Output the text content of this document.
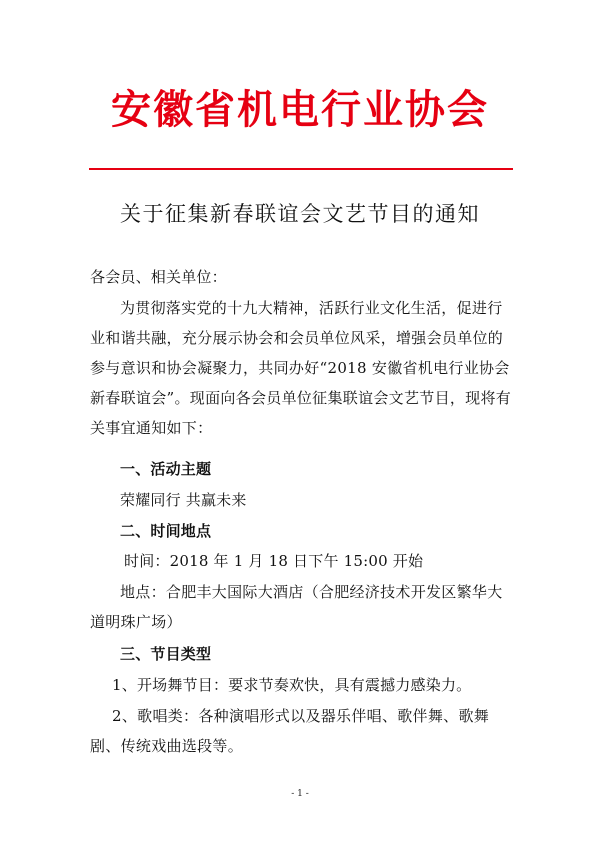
安徽省机电行业协会
关于征集新春联谊会文艺节目的通知
各会员、相关单位：
为贯彻落实党的十九大精神，活跃行业文化生活，促进行业和谐共融，充分展示协会和会员单位风采，增强会员单位的参与意识和协会凝聚力，共同办好“2018 安徽省机电行业协会新春联谊会”。现面向各会员单位征集联谊会文艺节目，现将有关事宜通知如下：
一、活动主题
荣耀同行 共赢未来
二、时间地点
时间：2018 年 1 月 18 日下午 15:00 开始
地点：合肥丰大国际大酒店（合肥经济技术开发区繁华大道明珠广场）
三、节目类型
1、开场舞节目：要求节奏欢快，具有震撼力感染力。
2、歌唱类：各种演唱形式以及器乐伴唱、歌伴舞、歌舞剧、传统戏曲选段等。
- 1 -
